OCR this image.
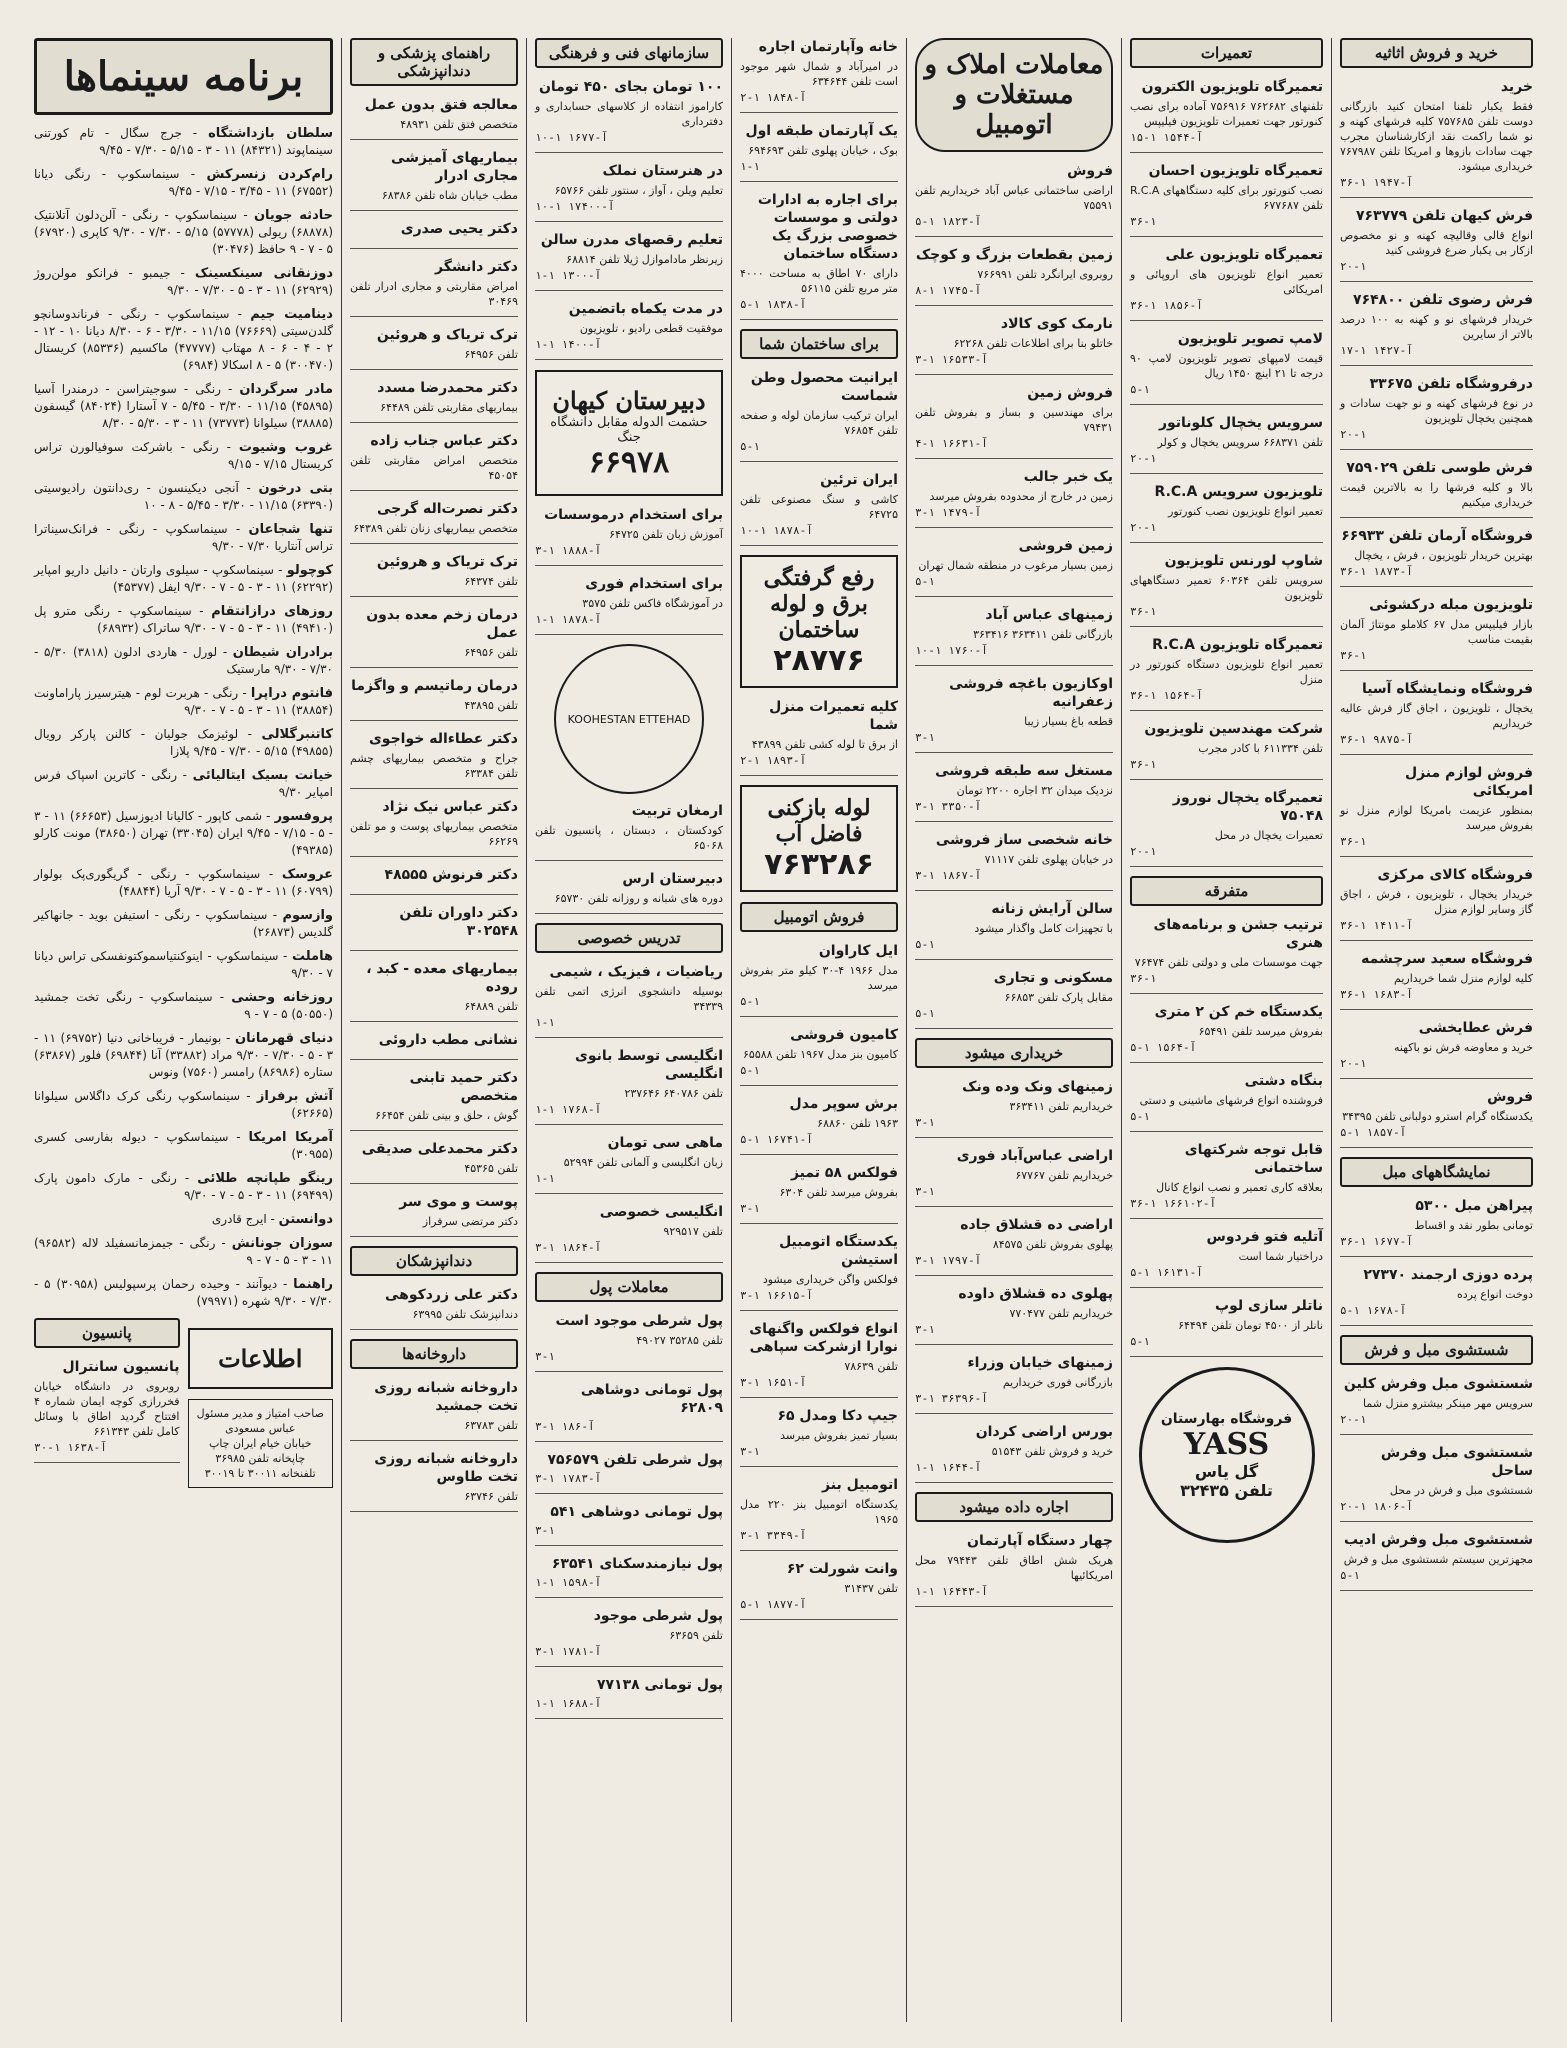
خرید و فروش اثاثیه
خرید
فقط یکبار تلفنا امتحان کنید بازرگانی دوست تلفن ۷۵۷۶۸۵ کلیه فرشهای کهنه و نو شما راکمت نقد ازکارشناسان مجرب جهت سادات بازوها و امریکا تلفن ۷۶۷۹۸۷ خریداری میشود.
۳۶-۱ آ-۱۹۴۷
فرش کیهان تلفن ۷۶۳۷۷۹
انواع قالی وقالیچه کهنه و نو مخصوص ازکار بی یکبار ضرع فروشی کنید
۲۰-۱
فرش رضوی تلفن ۷۶۴۸۰۰
خریدار فرشهای نو و کهنه به ۱۰۰ درصد بالاتر از سایرین
۱۷-۱ آ-۱۴۲۷
درفروشگاه تلفن ۳۳۶۷۵
در نوع فرشهای کهنه و نو جهت سادات و همچنین یخچال تلویزیون
۲۰-۱
فرش طوسی تلفن ۷۵۹۰۲۹
بالا و کلیه فرشها را به بالاترین قیمت خریداری میکنیم
فروشگاه آرمان تلفن ۶۶۹۳۳
بهترین خریدار تلویزیون ، فرش ، یخچال
۳۶-۱ آ-۱۸۷۳
تلویزیون مبله درکشوئی
بازار فیلیپس مدل ۶۷ کلاملو مونتاژ آلمان بقیمت مناسب
۳۶-۱
فروشگاه ونمایشگاه آسیا
یخچال ، تلویزیون ، اجاق گاز فرش عالیه خریداریم
۳۶-۱ آ-۹۸۷۵
فروش لوازم منزل امریکائی
بمنظور عزیمت بامریکا لوازم منزل نو بفروش میرسد
۳۶-۱
فروشگاه کالای مرکزی
خریدار یخچال ، تلویزیون ، فرش ، اجاق گاز وسایر لوازم منزل
۳۶-۱ آ-۱۴۱۱
فروشگاه سعید سرچشمه
کلیه لوازم منزل شما خریداریم
۳۶-۱ آ-۱۶۸۳
فرش عطایخشی
خرید و معاوضه فرش نو باکهنه
۲۰-۱
فروش
یکدستگاه گرام استرو دولبانی تلفن ۳۴۳۹۵
۵-۱ آ-۱۸۵۷
نمایشگاههای مبل
پیراهن مبل ۵۳۰۰
تومانی بطور نقد و اقساط
۳۶-۱ آ-۱۶۷۷
پرده دوزی ارجمند ۲۷۳۷۰
دوخت انواع پرده
۵-۱ آ-۱۶۷۸
شستشوی مبل و فرش
شستشوی مبل وفرش کلین
سرویس مهر مینکر بیشترو منزل شما
۲۰-۱
شستشوی مبل وفرش ساحل
شستشوی مبل و فرش در محل
۲۰-۱ آ-۱۸۰۶
شستشوی مبل وفرش ادیب
مجهزترین سیستم شستشوی مبل و فرش
۵-۱
تعمیرات
تعمیرگاه تلویزیون الکترون
تلفنهای ۷۶۲۶۸۲ ۷۵۶۹۱۶ آماده برای نصب کنورتور جهت تعمیرات تلویزیون فیلیپس
۱۵-۱ آ-۱۵۴۴
تعمیرگاه تلویزیون احسان
نصب کنورتور برای کلیه دستگاههای R.C.A تلفن ۶۷۷۶۸۷
۳۶-۱
تعمیرگاه تلویزیون علی
تعمیر انواع تلویزیون های اروپائی و امریکائی
۳۶-۱ آ-۱۸۵۶
لامپ تصویر تلویزیون
قیمت لامپهای تصویر تلویزیون لامپ ۹۰ درجه تا ۲۱ اینچ ۱۴۵۰ ریال
۵-۱
سرویس یخچال کلوناتور
تلفن ۶۶۸۳۷۱ سرویس یخچال و کولر
۲۰-۱
تلویزیون سرویس R.C.A
تعمیر انواع تلویزیون نصب کنورتور
۲۰-۱
شاوپ لورنس تلویزیون
سرویس تلفن ۶۰۳۶۴ تعمیر دستگاههای تلویزیون
۳۶-۱
تعمیرگاه تلویزیون R.C.A
تعمیر انواع تلویزیون دستگاه کنورتور در منزل
۳۶-۱ آ-۱۵۶۴
شرکت مهندسین تلویزیون
تلفن ۶۱۱۳۳۴ با کادر مجرب
۳۶-۱
تعمیرگاه یخچال نوروز ۷۵۰۴۸
تعمیرات یخچال در محل
۲۰-۱
متفرقه
ترتیب جشن و برنامه‌های هنری
جهت موسسات ملی و دولتی تلفن ۷۶۴۷۴
۳۶-۱
یکدستگاه خم کن ۲ متری
بفروش میرسد تلفن ۶۵۴۹۱
۵-۱ آ-۱۵۶۴
بنگاه دشتی
فروشنده انواع فرشهای ماشینی و دستی
۵-۱
قابل توجه شرکتهای ساختمانی
بعلاقه کاری تعمیر و نصب انواع کانال
۳۶-۱ آ-۱۶۶۱۰۲
آتلیه فتو فردوس
دراختیار شما است
۵-۱ آ-۱۶۱۳۱
ناتلر سازی لوپ
نانلر از ۴۵۰۰ تومان تلفن ۶۴۴۹۴
۵-۱
فروشگاه بهارستان
YASS
گل یاس
تلفن ۳۲۴۳۵
معاملات املاک و مستغلات و اتومبیل
فروش
اراضی ساختمانی عباس آباد خریداریم تلفن ۷۵۵۹۱
۵-۱ آ-۱۸۲۳
زمین بقطعات بزرگ و کوچک
روبروی ایرانگرد تلفن ۷۶۶۹۹۱
۸-۱ آ-۱۷۴۵
نارمک کوی کالاد
خاتلو بنا برای اطلاعات تلفن ۶۲۲۶۸
۳-۱ آ-۱۶۵۳۳
فروش زمین
برای مهندسین و بساز و بفروش تلفن ۷۹۴۳۱
۴-۱ آ-۱۶۶۳۱
یک خبر جالب
زمین در خارج از محدوده بفروش میرسد
۳-۱ آ-۱۴۷۹
زمین فروشی
زمین بسیار مرغوب در منطقه شمال تهران
۵-۱
زمینهای عباس آباد
بازرگانی تلفن ۳۶۳۴۱۱ ۳۶۳۴۱۶
۱۰-۱ آ-۱۷۶۰
اوکازیون باغچه فروشی زعفرانیه
قطعه باغ بسیار زیبا
۳-۱
مستغل سه طبقه فروشی
نزدیک میدان ۳۲ اجاره ۲۲۰۰ تومان
۳-۱ آ-۳۳۵۰
خانه شخصی ساز فروشی
در خیابان پهلوی تلفن ۷۱۱۱۷
۳-۱ آ-۱۸۶۷
سالن آرایش زنانه
با تجهیزات کامل واگذار میشود
۵-۱
مسکونی و تجاری
مقابل پارک تلفن ۶۶۸۵۳
۵-۱
خریداری میشود
زمینهای ونک وده ونک
خریداریم تلفن ۳۶۳۴۱۱
۳-۱
اراضی عباس‌آباد فوری
خریداریم تلفن ۶۷۷۶۷
۳-۱
اراضی ده قشلاق جاده
پهلوی بفروش تلفن ۸۴۵۷۵
۳-۱ آ-۱۷۹۷
پهلوی ده قشلاق داوده
خریداریم تلفن ۷۷۰۴۷۷
۳-۱
زمینهای خیابان وزراء
بازرگانی فوری خریداریم
۳-۱ آ-۳۶۳۹۶
بورس اراضی کردان
خرید و فروش تلفن ۵۱۵۴۳
۱-۱ آ-۱۶۴۴
اجاره داده میشود
چهار دستگاه آپارتمان
هریک شش اطاق تلفن ۷۹۴۴۳ محل امریکائیها
۱-۱ آ-۱۶۴۴۳
خانه وآپارتمان اجاره
در امیرآباد و شمال شهر موجود است تلفن ۶۳۴۶۴۴
۲-۱ آ-۱۸۴۸
یک آپارتمان طبقه اول
بوک ، خیابان پهلوی تلفن ۶۹۴۶۹۳
۱-۱
برای اجاره به ادارات دولتی و موسسات خصوصی بزرگ یک دستگاه ساختمان
دارای ۷۰ اطاق به مساحت ۴۰۰۰ متر مربع تلفن ۵۶۱۱۵
۵-۱ آ-۱۸۳۸
برای ساختمان شما
ایرانیت محصول وطن شماست
ایران ترکیب سازمان لوله و صفحه تلفن ۷۶۸۵۴
۵-۱
ایران ترئین
کاشی و سنگ مصنوعی تلفن ۶۴۷۲۵
۱۰-۱ آ-۱۸۷۸
رفع گرفتگی برق و لوله ساختمان
۲۸۷۷۶
کلیه تعمیرات منزل شما
از برق تا لوله کشی تلفن ۴۳۸۹۹
۲-۱ آ-۱۸۹۳
لوله بازکنی فاضل آب
۷۶۳۲۸۶
فروش اتومبیل
ایل کاراوان
مدل ۱۹۶۶ ۴-۳۰ کیلو متر بفروش میرسد
۵-۱
کامیون فروشی
کامیون بنز مدل ۱۹۶۷ تلفن ۶۵۵۸۸
۵-۱
برش سوپر مدل
۱۹۶۳ تلفن ۶۸۸۶۰
۵-۱ آ-۱۶۷۴۱
فولکس ۵۸ تمیز
بفروش میرسد تلفن ۶۳۰۴
۳-۱
یکدستگاه اتومبیل استیشن
فولکس واگن خریداری میشود
۳-۱ آ-۱۶۶۱۵
انواع فولکس واگنهای نوارا ازشرکت سپاهی
تلفن ۷۸۶۳۹
۳-۱ آ-۱۶۵۱
جیپ دکا ومدل ۶۵
بسیار تمیز بفروش میرسد
۳-۱
اتومبیل بنز
یکدستگاه اتومبیل بنز ۲۲۰ مدل ۱۹۶۵
۳-۱ آ-۳۳۴۹
وانت شورلت ۶۲
تلفن ۳۱۴۳۷
۵-۱ آ-۱۸۷۷
سازمانهای فنی و فرهنگی
۱۰۰ تومان بجای ۴۵۰ تومان
کاراموز انتفاده از کلاسهای حسابداری و دفترداری
۱۰-۱ آ-۱۶۷۷
در هنرستان نملک
تعلیم ویلن ، آواز ، سنتور تلفن ۶۵۷۶۶
۱۰-۱ آ-۱۷۴۰۰
تعلیم رقصهای مدرن سالن
زیرنظر ماداموازل ژیلا تلفن ۶۸۸۱۴
۱-۱ آ-۱۳۰۰
در مدت یکماه باتضمین
موفقیت قطعی رادیو ، تلویزیون
۱-۱ آ-۱۴۰۰
دبیرستان کیهان
حشمت الدوله مقابل دانشگاه جنگ
۶۶۹۷۸
برای استخدام درموسسات
آموزش زبان تلفن ۶۴۷۲۵
۳-۱ آ-۱۸۸۸
برای استخدام فوری
در آموزشگاه فاکس تلفن ۳۵۷۵
۱-۱ آ-۱۸۷۸
KOOHESTAN ETTEHAD
ارمغان تربیت
کودکستان ، دبستان ، پانسیون تلفن ۶۵۰۶۸
دبیرستان ارس
دوره های شبانه و روزانه تلفن ۶۵۷۳۰
تدریس خصوصی
ریاضیات ، فیزیک ، شیمی
بوسیله دانشجوی انرژی اتمی تلفن ۳۴۳۳۹
۱-۱
انگلیسی توسط بانوی انگلیسی
تلفن ۶۴۰۷۸۶ ۲۳۷۶۴۶
۱-۱ آ-۱۷۶۸
ماهی سی تومان
زبان انگلیسی و آلمانی تلفن ۵۲۹۹۴
۱-۱
انگلیسی خصوصی
تلفن ۹۲۹۵۱۷
۳-۱ آ-۱۸۶۴
معاملات پول
پول شرطی موجود است
تلفن ۳۵۲۸۵ ۴۹۰۲۷
۳-۱
پول تومانی دوشاهی ۶۲۸۰۹
۳-۱ آ-۱۸۶
پول شرطی تلفن ۷۵۶۵۷۹
۳-۱ آ-۱۷۸۳
پول تومانی دوشاهی ۵۴۱
۳-۱
پول نیازمندسکنای ۶۳۵۴۱
۱-۱ آ-۱۵۹۸
پول شرطی موجود
تلفن ۶۳۶۵۹
۳-۱ آ-۱۷۸۱
پول تومانی ۷۷۱۳۸
۱-۱ آ-۱۶۸۸
راهنمای پزشکی و دندانپزشکی
معالجه فتق بدون عمل
متخصص فتق تلفن ۴۸۹۳۱
بیماریهای آمیزشی مجاری ادرار
مطب خیابان شاه تلفن ۶۸۳۸۶
دکتر یحیی صدری
دکتر دانشگر
امراض مقاربتی و مجاری ادرار تلفن ۳۰۴۶۹
ترک تریاک و هروئین
تلفن ۶۴۹۵۶
دکتر محمدرضا مسدد
بیماریهای مقاربتی تلفن ۶۴۴۸۹
دکتر عباس جناب زاده
متخصص امراض مقاربتی تلفن ۴۵۰۵۴
دکتر نصرت‌اله گرجی
متخصص بیماریهای زنان تلفن ۶۴۳۸۹
ترک تریاک و هروئین
تلفن ۶۴۳۷۴
درمان زخم معده بدون عمل
تلفن ۶۴۹۵۶
درمان رماتیسم و واگزما
تلفن ۴۳۸۹۵
دکتر عطاءاله خواجوی
جراح و متخصص بیماریهای چشم تلفن ۶۳۳۸۴
دکتر عباس نیک نژاد
متخصص بیماریهای پوست و مو تلفن ۶۶۲۶۹
دکتر فرنوش ۴۸۵۵۵
دکتر داوران تلفن ۳۰۲۵۴۸
بیماریهای معده - کبد ، روده
تلفن ۶۴۸۸۹
نشانی مطب داروئی
دکتر حمید تابنی متخصص
گوش ، حلق و بینی تلفن ۶۶۴۵۴
دکتر محمدعلی صدیقی
تلفن ۴۵۳۶۵
پوست و موی سر
دکتر مرتضی سرفراز
دندانپزشکان
دکتر علی زردکوهی
دندانپزشک تلفن ۶۳۹۹۵
داروخانه‌ها
داروخانه شبانه روزی تخت جمشید
تلفن ۶۳۷۸۳
داروخانه شبانه روزی تخت طاوس
تلفن ۶۳۷۴۶
برنامه سینماها
سلطان بازداشتگاه - جرج سگال - تام کورتنی سینماپوند (۸۴۳۲۱) ۱۱ - ۳ - ۵/۱۵ - ۷/۳۰ - ۹/۴۵
رام‌کردن زنسرکش - سینماسکوپ - رنگی دیانا (۶۷۵۵۲) ۱۱ - ۳/۴۵ - ۷/۱۵ - ۹/۴۵
حادثه جویان - سینماسکوپ - رنگی - آلن‌دلون آتلانتیک (۶۸۸۷۸) ریولی (۵۷۷۷۸) ۵/۱۵ - ۷/۳۰ - ۹/۳۰ کاپری (۶۷۹۲۰) ۵ - ۷ - ۹ حافظ (۳۰۴۷۶)
دوزنقانی سینکسینک - جیمبو - فرانکو مولن‌روژ (۶۲۹۲۹) ۱۱ - ۳ - ۵ - ۷/۳۰ - ۹/۳۰
دینامیت جیم - سینماسکوپ - رنگی - فرناندوسانچو گلدن‌سیتی (۷۶۶۶۹) ۱۱/۱۵ - ۳/۳۰ - ۶ - ۸/۳۰ دیانا ۱۰ - ۱۲ - ۲ - ۴ - ۶ - ۸ مهتاب (۴۷۷۷۷) ماکسیم (۸۵۳۳۶) کریستال (۳۰۰۴۷۰) ۵ - ۸ اسکالا (۶۹۸۴)
مادر سرگردان - رنگی - سوجیتراسن - درمندرا آسیا (۴۵۸۹۵) ۱۱/۱۵ - ۳/۳۰ - ۵/۴۵ - ۷ آستارا (۸۴۰۲۴) گیسفون (۳۸۸۸۵) سیلوانا (۷۳۷۷۳) ۱۱ - ۳ - ۵/۳۰ - ۸/۳۰
غروب وشیوت - رنگی - باشرکت سوفیالورن تراس کریستال ۷/۱۵ - ۹/۱۵
بتی درخون - آنجی دیکینسون - ری‌دانتون رادیوسیتی (۶۳۳۹۰) ۱۱/۱۵ - ۳/۳۰ - ۵/۴۵ - ۸ - ۱۰
تنها شجاعان - سینماسکوپ - رنگی - فرانک‌سیناترا تراس آنتاریا ۷/۳۰ - ۹/۳۰
کوچولو - سینماسکوپ - سیلوی وارتان - دانیل داریو امپایر (۶۲۲۹۲) ۱۱ - ۳ - ۵ - ۷ - ۹/۳۰ ایفل (۴۵۳۷۷)
روزهای درازانتقام - سینماسکوپ - رنگی مترو پل (۴۹۴۱۰) ۱۱ - ۳ - ۵ - ۷ - ۹/۳۰ ساتراک (۶۸۹۳۲)
برادران شیطان - لورل - هاردی ادلون (۳۸۱۸) ۵/۳۰ - ۷/۳۰ - ۹/۳۰ مارستیک
فانتوم دراپرا - رنگی - هربرت لوم - هیترسیرز پاراماونت (۳۸۸۵۴) ۱۱ - ۳ - ۵ - ۷ - ۹/۳۰
کاتنبرگلالی - لوئیزمک جولیان - کالنن پارکر رویال (۴۹۸۵۵) ۵/۱۵ - ۷/۳۰ - ۹/۴۵ پلازا
خیانت بسیک ایتالیائی - رنگی - کاترین اسپاک فرس امپایر ۹/۳۰
پروفسور - شمی کاپور - کالیانا ادیوزسیل (۶۶۶۵۳) ۱۱ - ۳ - ۵ - ۷/۱۵ - ۹/۴۵ ایران (۳۳۰۴۵) تهران (۳۸۶۵۰) مونت کارلو (۴۹۳۸۵)
عروسک - سینماسکوپ - رنگی - گریگوری‌پک بولوار (۶۰۷۹۹) ۱۱ - ۳ - ۵ - ۷ - ۹/۳۰ آریا (۴۸۸۴۴)
وازسوم - سینماسکوپ - رنگی - استیفن بوید - جانهاکیر گلدیس (۲۶۸۷۳)
هاملت - سینماسکوپ - اینوکنتیاسموکتونفسکی تراس دیانا ۷ - ۹/۳۰
روزخانه وحشی - سینماسکوپ - رنگی تخت جمشید (۵۰۵۵۰) ۵ - ۷ - ۹
دنیای قهرمانان - بونیمار - فریباخانی دنیا (۶۹۷۵۲) ۱۱ - ۳ - ۵ - ۷/۳۰ - ۹/۳۰ مراد (۳۳۸۸۲) آنا (۶۹۸۴۴) فلور (۶۳۸۶۷) ستاره (۸۶۹۸۶) رامسر (۷۵۶۰) ونوس
آتش برفراز - سینماسکوپ رنگی کرک داگلاس سیلوانا (۶۲۶۶۵)
آمریکا امریکا - سینماسکوپ - دیوله بفارسی کسری (۳۰۹۵۵)
رینگو طپانچه طلائی - رنگی - مارک دامون پارک (۶۹۴۹۹) ۱۱ - ۳ - ۵ - ۷ - ۹/۳۰
دوانستن - ایرج قادری
سوزان جونانش - رنگی - جیمزمانسفیلد لاله (۹۶۵۸۲) ۱۱ - ۳ - ۵ - ۷ - ۹
راهنما - دیوآنند - وحیده رحمان پرسپولیس (۳۰۹۵۸) ۵ - ۷/۳۰ - ۹/۳۰ شهره (۷۹۹۷۱)
اطلاعات
صاحب امتیاز و مدیر مسئول
عباس مسعودی
خیابان خیام ایران چاپ
چاپخانه تلفن ۳۶۹۸۵
تلفنخانه ۳۰۰۱۱ تا ۳۰۰۱۹
پانسیون
پانسیون سانترال
روبروی در دانشگاه خیابان فخررازی کوچه ایمان شماره ۴ افتتاح گردید اطاق با وسائل کامل تلفن ۶۶۱۳۴۳
۳۰-۱ آ-۱۶۳۸
